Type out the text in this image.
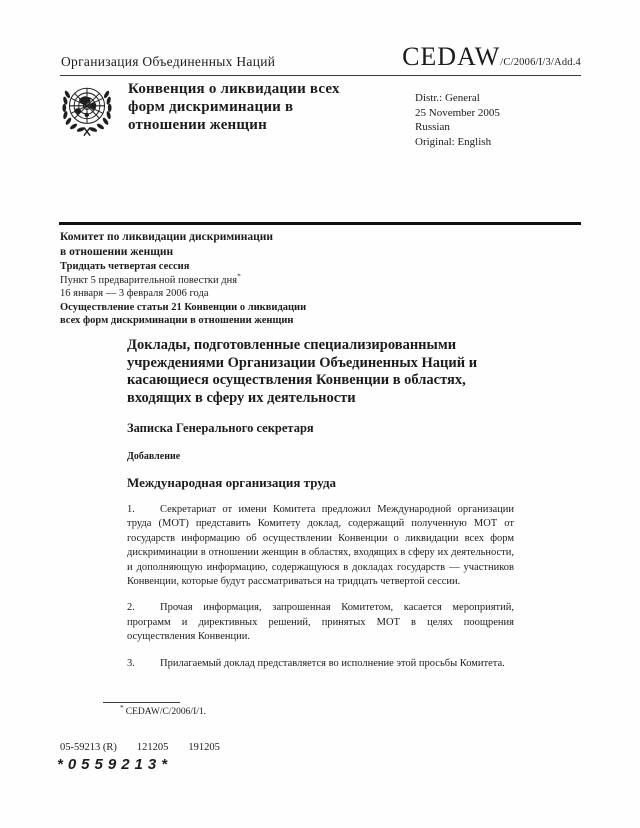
Организация Объединенных Наций	CEDAW/C/2006/I/3/Add.4
Конвенция о ликвидации всех форм дискриминации в отношении женщин
Distr.: General
25 November 2005
Russian
Original: English
Комитет по ликвидации дискриминации
в отношении женщин
Тридцать четвертая сессия
Пункт 5 предварительной повестки дня*
16 января — 3 февраля 2006 года
Осуществление статьи 21 Конвенции о ликвидации
всех форм дискриминации в отношении женщин
Доклады, подготовленные специализированными учреждениями Организации Объединенных Наций и касающиеся осуществления Конвенции в областях, входящих в сферу их деятельности
Записка Генерального секретаря
Добавление
Международная организация труда

1. Секретариат от имени Комитета предложил Международной организации труда (МОТ) представить Комитету доклад, содержащий полученную МОТ от государств информацию об осуществлении Конвенции о ликвидации всех форм дискриминации в отношении женщин в областях, входящих в сферу их деятельности, и дополняющую информацию, содержащуюся в докладах государств — участников Конвенции, которые будут рассматриваться на тридцать четвертой сессии.

2. Прочая информация, запрошенная Комитетом, касается мероприятий, программ и директивных решений, принятых МОТ в целях поощрения осуществления Конвенции.

3. Прилагаемый доклад представляется во исполнение этой просьбы Комитета.

* CEDAW/C/2006/I/1.
05-59213 (R) 121205 191205
*0559213*
